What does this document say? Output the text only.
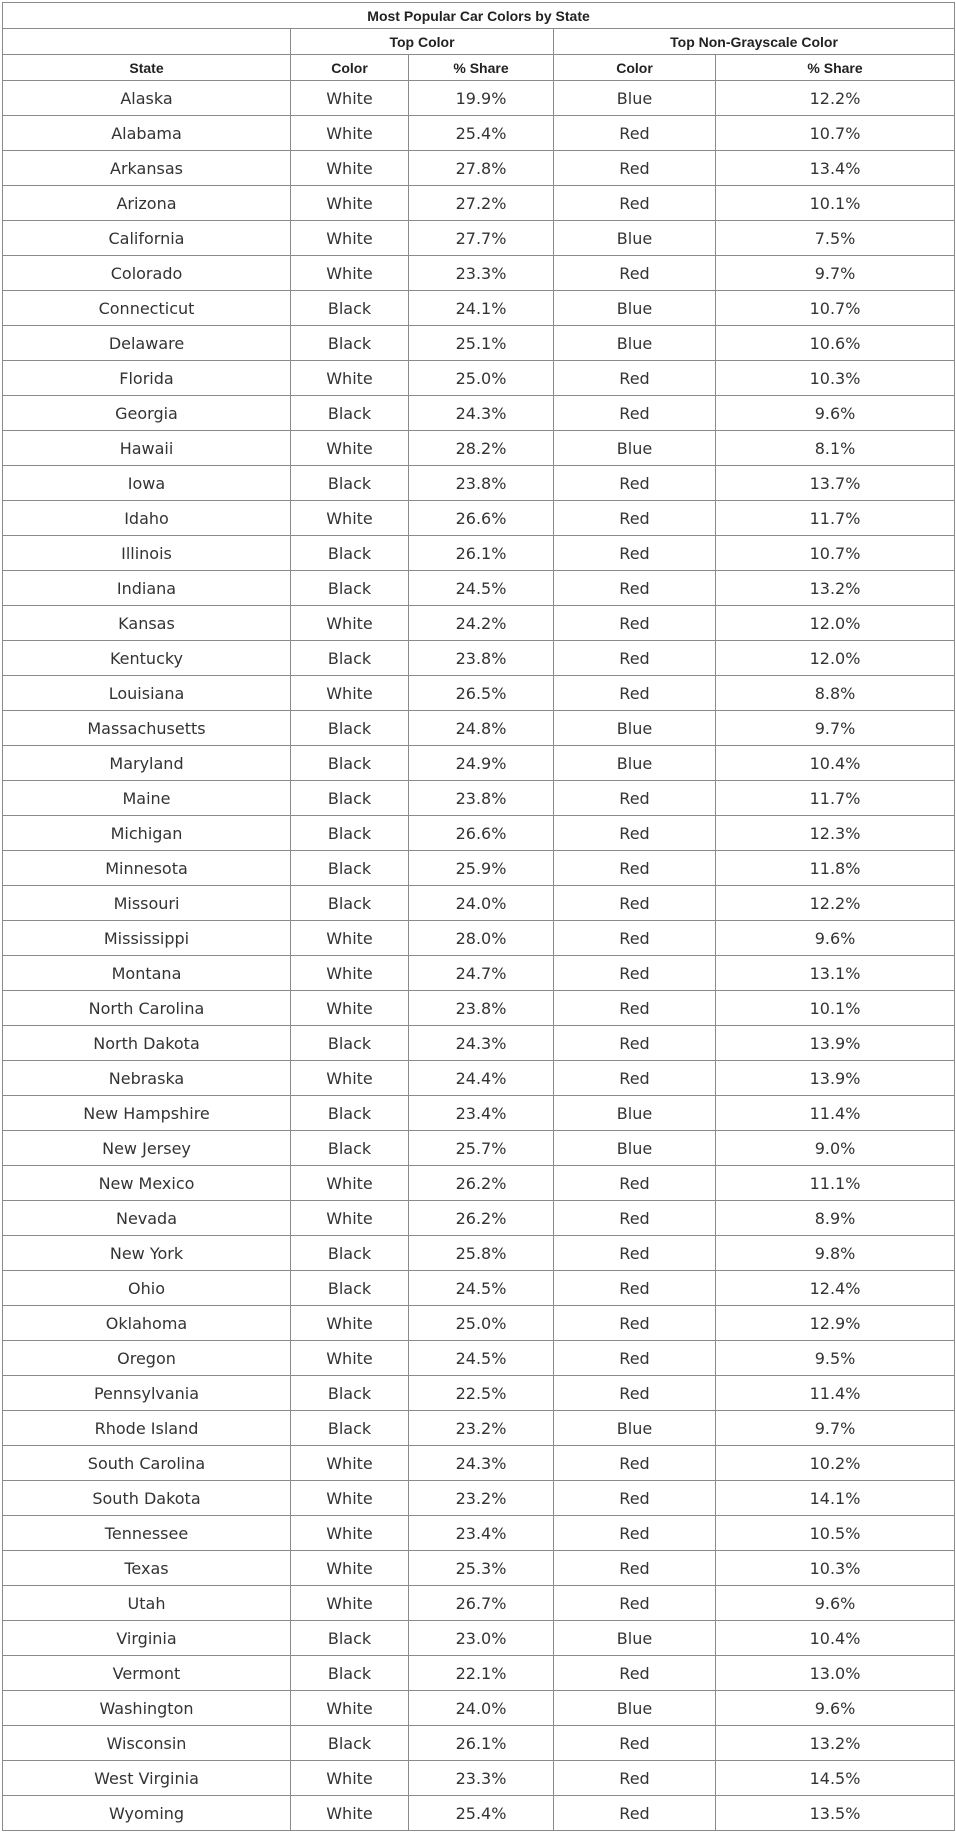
Most Popular Car Colors by State				
	Top Color		Top Non-Grayscale Color	
State	Color	% Share	Color	% Share
Alaska	White	19.9%	Blue	12.2%
Alabama	White	25.4%	Red	10.7%
Arkansas	White	27.8%	Red	13.4%
Arizona	White	27.2%	Red	10.1%
California	White	27.7%	Blue	7.5%
Colorado	White	23.3%	Red	9.7%
Connecticut	Black	24.1%	Blue	10.7%
Delaware	Black	25.1%	Blue	10.6%
Florida	White	25.0%	Red	10.3%
Georgia	Black	24.3%	Red	9.6%
Hawaii	White	28.2%	Blue	8.1%
Iowa	Black	23.8%	Red	13.7%
Idaho	White	26.6%	Red	11.7%
Illinois	Black	26.1%	Red	10.7%
Indiana	Black	24.5%	Red	13.2%
Kansas	White	24.2%	Red	12.0%
Kentucky	Black	23.8%	Red	12.0%
Louisiana	White	26.5%	Red	8.8%
Massachusetts	Black	24.8%	Blue	9.7%
Maryland	Black	24.9%	Blue	10.4%
Maine	Black	23.8%	Red	11.7%
Michigan	Black	26.6%	Red	12.3%
Minnesota	Black	25.9%	Red	11.8%
Missouri	Black	24.0%	Red	12.2%
Mississippi	White	28.0%	Red	9.6%
Montana	White	24.7%	Red	13.1%
North Carolina	White	23.8%	Red	10.1%
North Dakota	Black	24.3%	Red	13.9%
Nebraska	White	24.4%	Red	13.9%
New Hampshire	Black	23.4%	Blue	11.4%
New Jersey	Black	25.7%	Blue	9.0%
New Mexico	White	26.2%	Red	11.1%
Nevada	White	26.2%	Red	8.9%
New York	Black	25.8%	Red	9.8%
Ohio	Black	24.5%	Red	12.4%
Oklahoma	White	25.0%	Red	12.9%
Oregon	White	24.5%	Red	9.5%
Pennsylvania	Black	22.5%	Red	11.4%
Rhode Island	Black	23.2%	Blue	9.7%
South Carolina	White	24.3%	Red	10.2%
South Dakota	White	23.2%	Red	14.1%
Tennessee	White	23.4%	Red	10.5%
Texas	White	25.3%	Red	10.3%
Utah	White	26.7%	Red	9.6%
Virginia	Black	23.0%	Blue	10.4%
Vermont	Black	22.1%	Red	13.0%
Washington	White	24.0%	Blue	9.6%
Wisconsin	Black	26.1%	Red	13.2%
West Virginia	White	23.3%	Red	14.5%
Wyoming	White	25.4%	Red	13.5%
